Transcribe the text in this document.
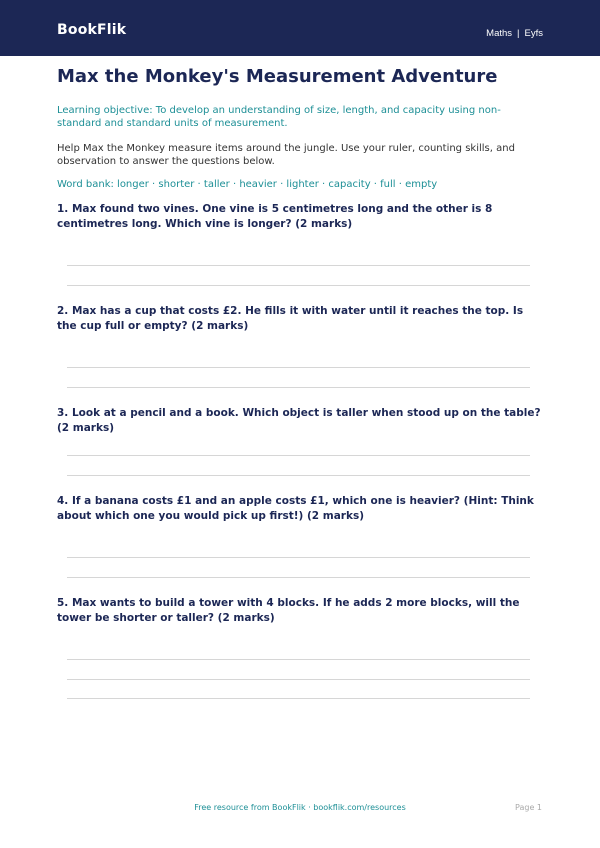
BookFlik	Maths | Eyfs
Max the Monkey's Measurement Adventure

Learning objective: To develop an understanding of size, length, and capacity using non-standard and standard units of measurement.

Help Max the Monkey measure items around the jungle. Use your ruler, counting skills, and observation to answer the questions below.

Word bank: longer · shorter · taller · heavier · lighter · capacity · full · empty

1. Max found two vines. One vine is 5 centimetres long and the other is 8 centimetres long. Which vine is longer? (2 marks)

2. Max has a cup that costs £2. He fills it with water until it reaches the top. Is the cup full or empty? (2 marks)

3. Look at a pencil and a book. Which object is taller when stood up on the table? (2 marks)

4. If a banana costs £1 and an apple costs £1, which one is heavier? (Hint: Think about which one you would pick up first!) (2 marks)

5. Max wants to build a tower with 4 blocks. If he adds 2 more blocks, will the tower be shorter or taller? (2 marks)

Free resource from BookFlik · bookflik.com/resources	Page 1
